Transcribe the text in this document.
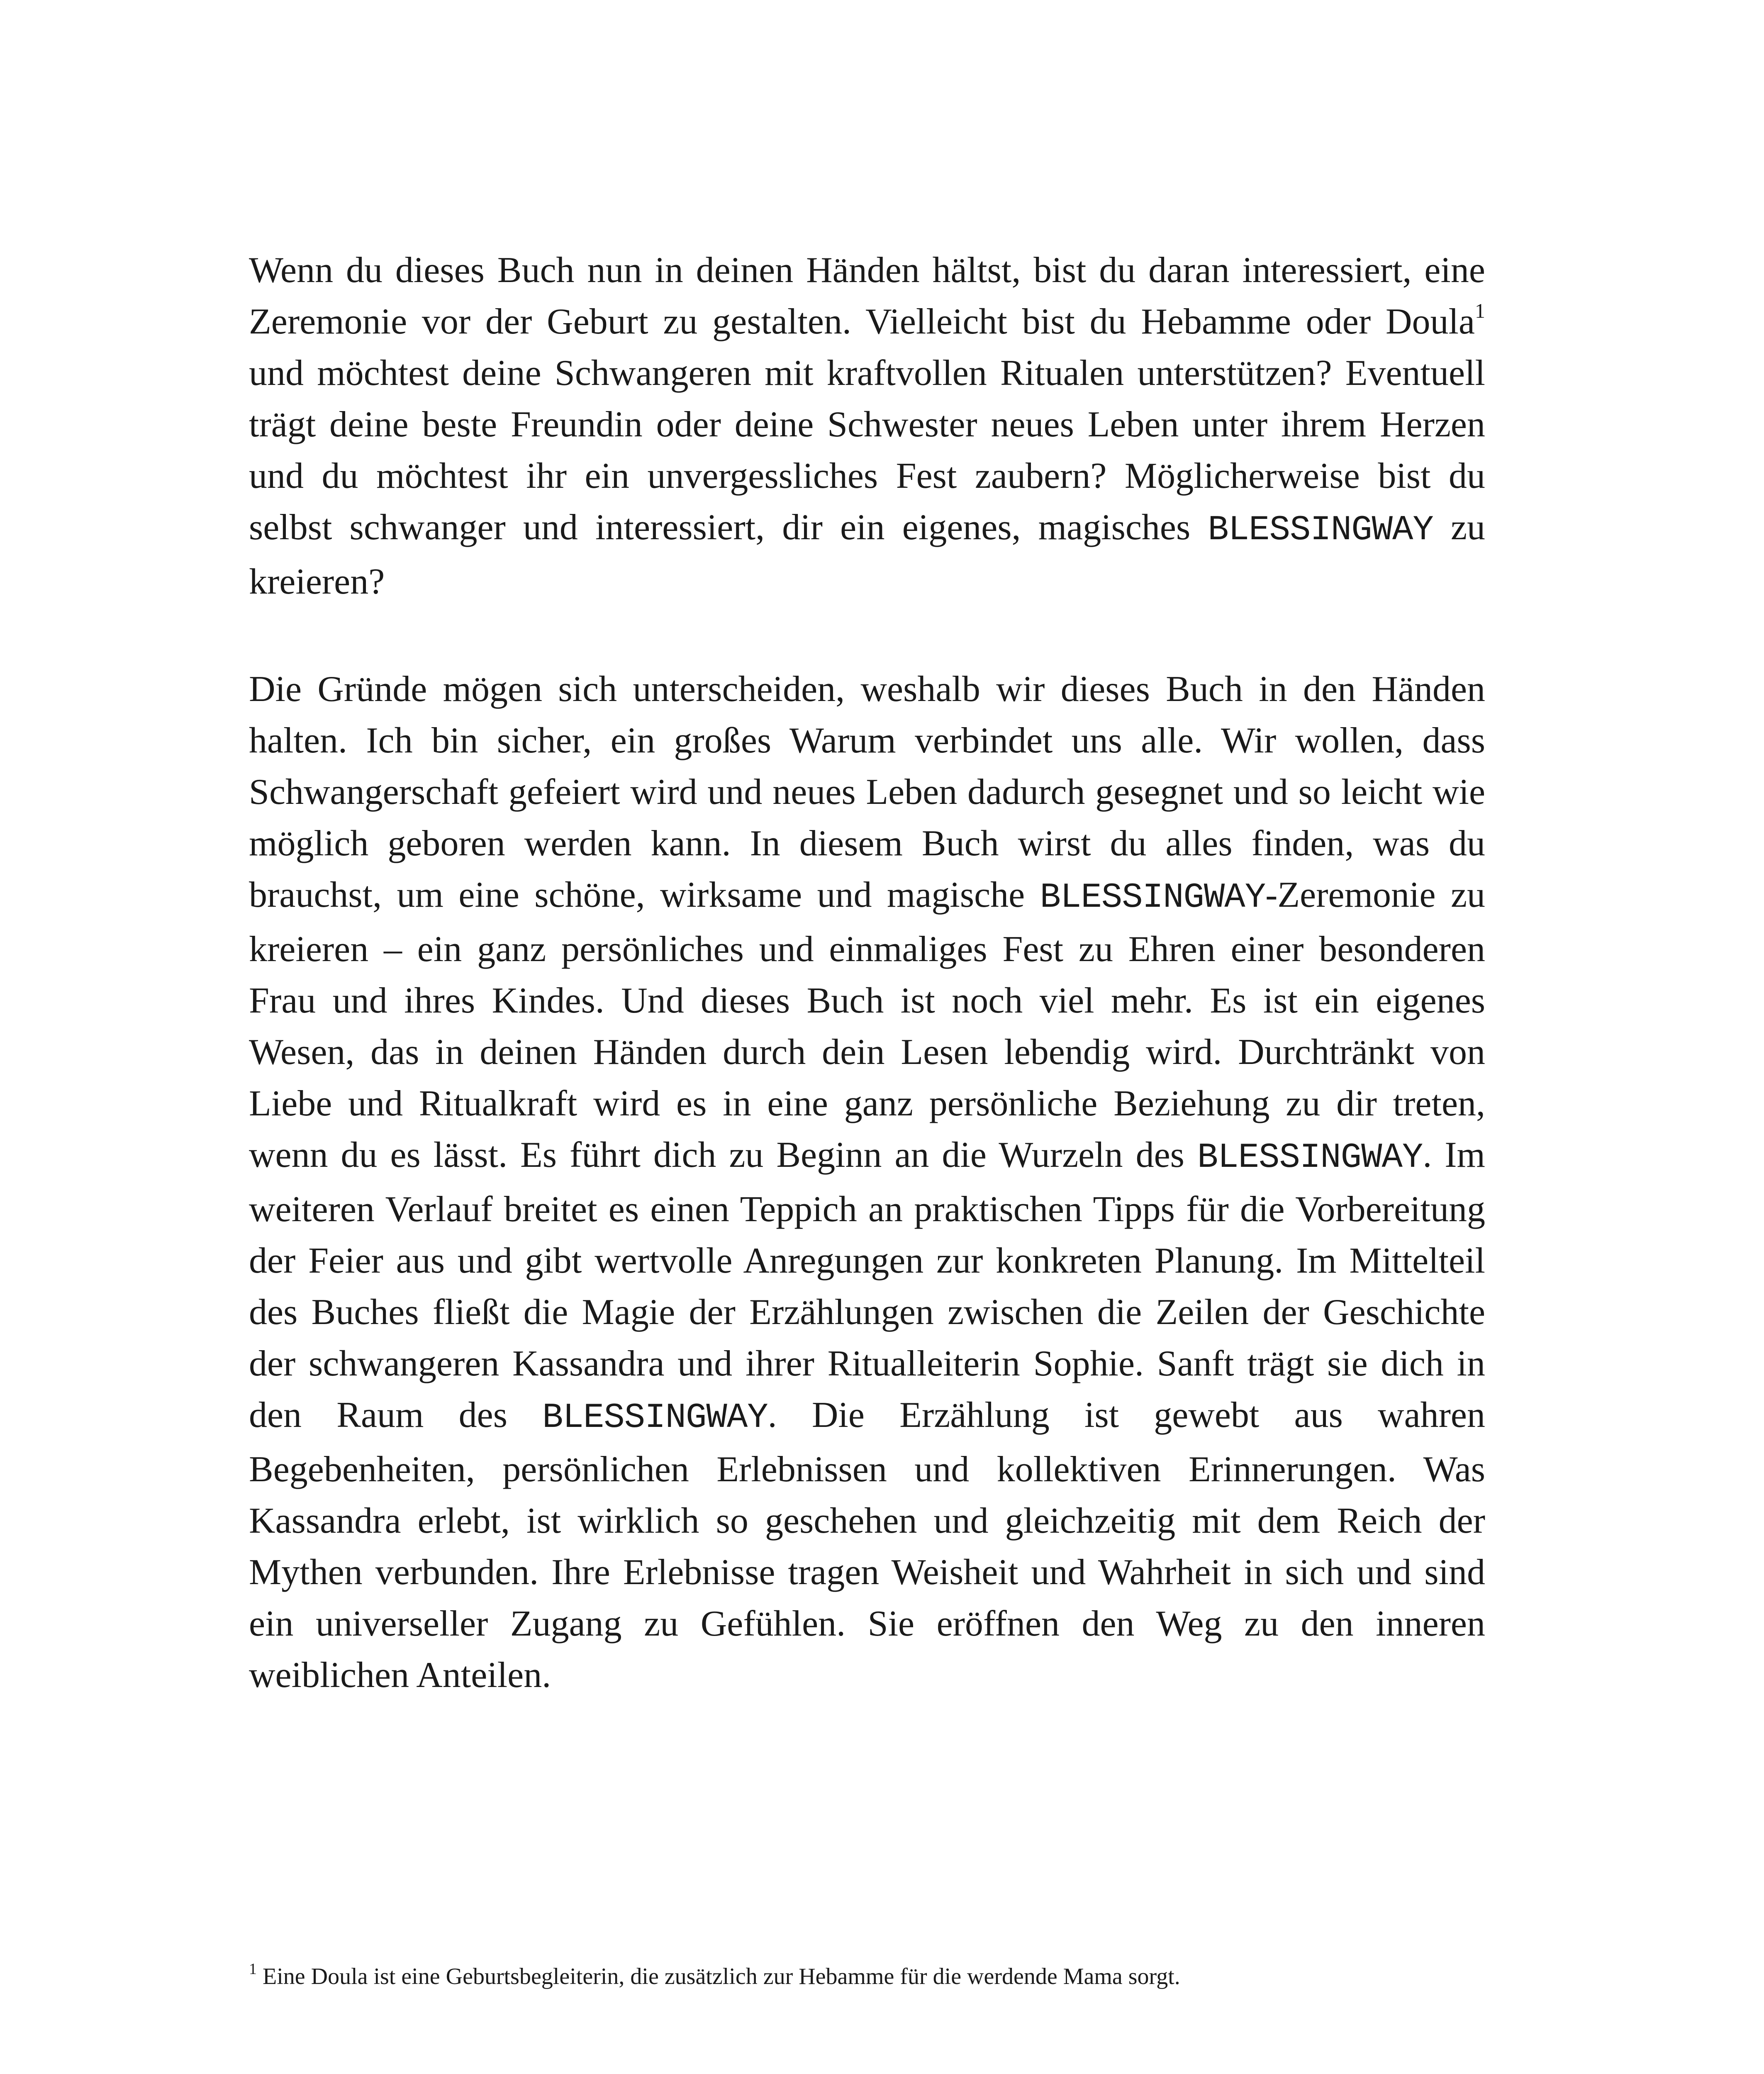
Wenn du dieses Buch nun in deinen Händen hältst, bist du daran interessiert, eine Zeremonie vor der Geburt zu gestalten. Vielleicht bist du Hebamme oder Doula$^1$ und möchtest deine Schwangeren mit kraftvollen Ritualen unterstützen? Eventuell trägt deine beste Freundin oder deine Schwester neues Leben unter ihrem Herzen und du möchtest ihr ein unvergessliches Fest zaubern? Möglicherweise bist du selbst schwanger und interessiert, dir ein eigenes, magisches BLESSINGWAY zu kreieren?

Die Gründe mögen sich unterscheiden, weshalb wir dieses Buch in den Händen halten. Ich bin sicher, ein großes Warum verbindet uns alle. Wir wollen, dass Schwangerschaft gefeiert wird und neues Leben dadurch gesegnet und so leicht wie möglich geboren werden kann. In diesem Buch wirst du alles finden, was du brauchst, um eine schöne, wirksame und magische BLESSINGWAY-Zeremonie zu kreieren – ein ganz persönliches und einmaliges Fest zu Ehren einer besonderen Frau und ihres Kindes. Und dieses Buch ist noch viel mehr. Es ist ein eigenes Wesen, das in deinen Händen durch dein Lesen lebendig wird. Durchtränkt von Liebe und Ritualkraft wird es in eine ganz persönliche Beziehung zu dir treten, wenn du es lässt. Es führt dich zu Beginn an die Wurzeln des BLESSINGWAY. Im weiteren Verlauf breitet es einen Teppich an praktischen Tipps für die Vorbereitung der Feier aus und gibt wertvolle Anregungen zur konkreten Planung. Im Mittelteil des Buches fließt die Magie der Erzählungen zwischen die Zeilen der Geschichte der schwangeren Kassandra und ihrer Ritualleiterin Sophie. Sanft trägt sie dich in den Raum des BLESSINGWAY. Die Erzählung ist gewebt aus wahren Begebenheiten, persönlichen Erlebnissen und kollektiven Erinnerungen. Was Kassandra erlebt, ist wirklich so geschehen und gleichzeitig mit dem Reich der Mythen verbunden. Ihre Erlebnisse tragen Weisheit und Wahrheit in sich und sind ein universeller Zugang zu Gefühlen. Sie eröffnen den Weg zu den inneren weiblichen Anteilen.

$^1$ Eine Doula ist eine Geburtsbegleiterin, die zusätzlich zur Hebamme für die werdende Mama sorgt.
